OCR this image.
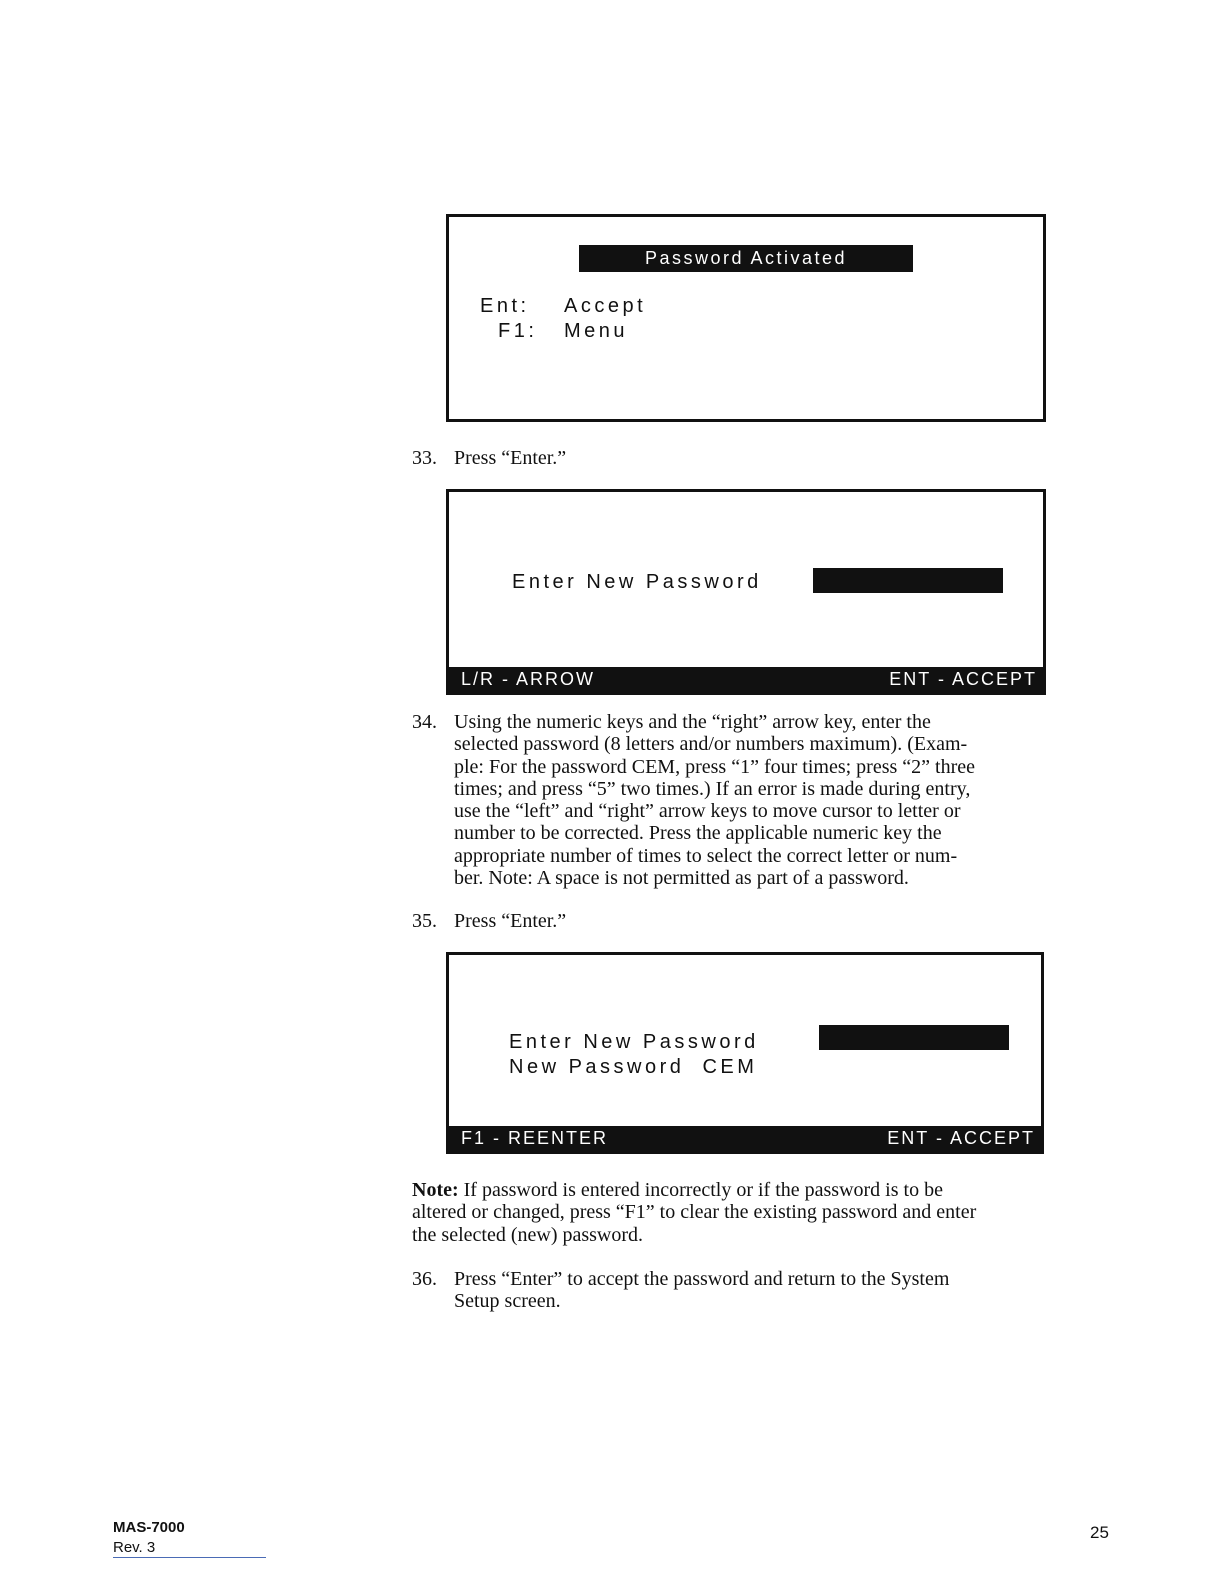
Password Activated
Ent: Accept
F1: Menu
33. Press “Enter.”
Enter New Password
L/R - ARROW	ENT - ACCEPT
34. Using the numeric keys and the “right” arrow key, enter the

selected password (8 letters and/or numbers maximum). (Exam-

ple: For the password CEM, press “1” four times; press “2” three

times; and press “5” two times.) If an error is made during entry,

use the “left” and “right” arrow keys to move cursor to letter or

number to be corrected. Press the applicable numeric key the

appropriate number of times to select the correct letter or num-

ber. Note: A space is not permitted as part of a password.

35. Press “Enter.”
Enter New Password
New Password  CEM
F1 - REENTER	ENT - ACCEPT

Note: If password is entered incorrectly or if the password is to be

altered or changed, press “F1” to clear the existing password and enter

the selected (new) password.

36. Press “Enter” to accept the password and return to the System

Setup screen.

MAS-7000
Rev. 3
25
